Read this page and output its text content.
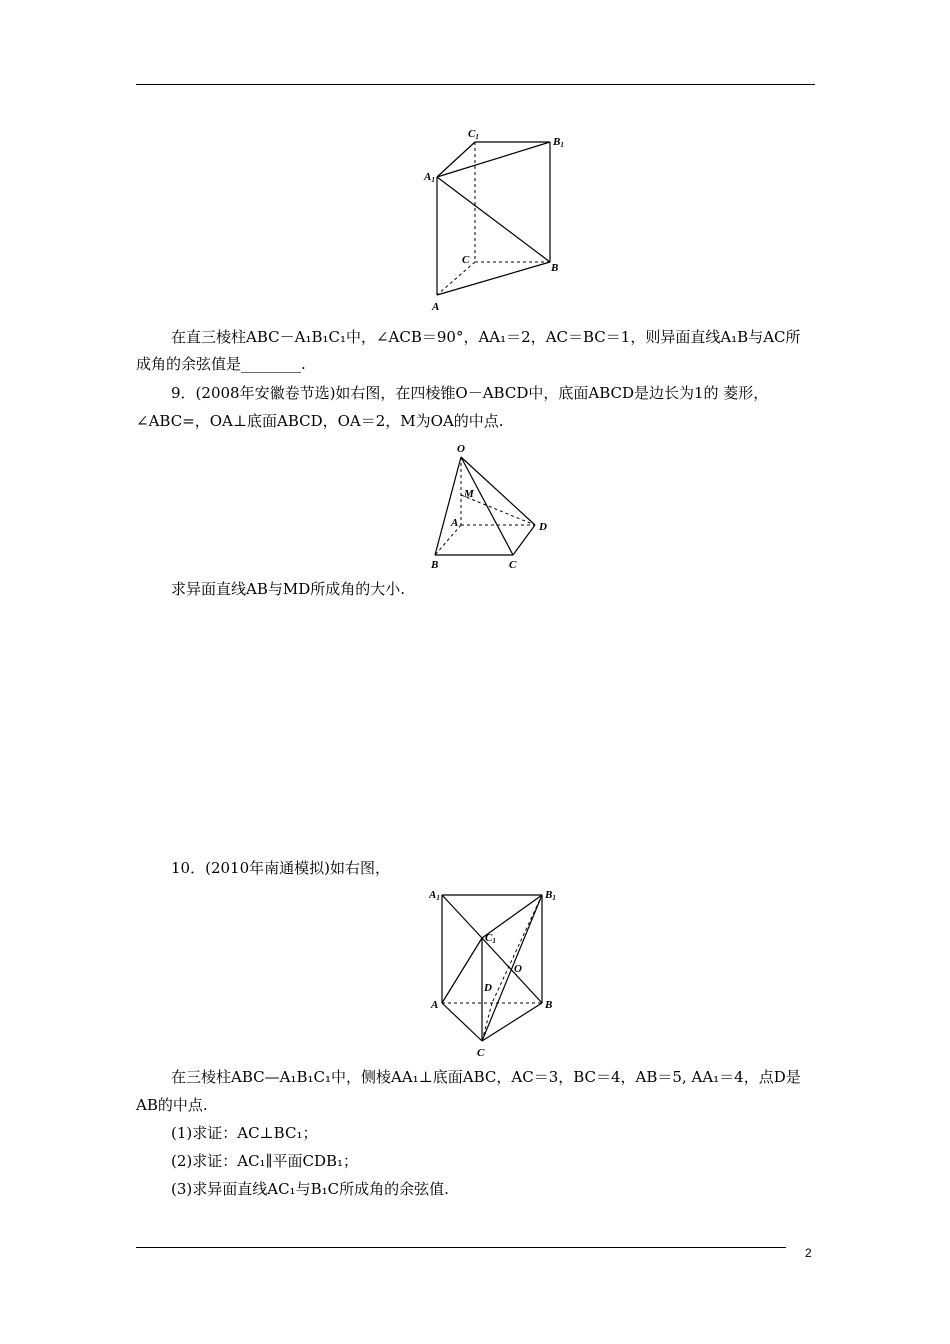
C1	B1
A1
C
B
A
在直三棱柱ABC－A₁B₁C₁中，∠ACB＝90°，AA₁＝2，AC＝BC＝1，则异面直线A₁B与AC所
成角的余弦值是________.
9．(2008年安徽卷节选)如右图，在四棱锥O－ABCD中，底面ABCD是边长为1的 菱形，
∠ABC=，OA⊥底面ABCD，OA＝2，M为OA的中点.
O
M
A	D
B	C
求异面直线AB与MD所成角的大小.
10．(2010年南通模拟)如右图，
A1	B1
C1
O
D
A	B
C
在三棱柱ABC—A₁B₁C₁中，侧棱AA₁⊥底面ABC，AC＝3，BC＝4，AB＝5, AA₁＝4，点D是
AB的中点.
(1)求证：AC⊥BC₁；
(2)求证：AC₁∥平面CDB₁；
(3)求异面直线AC₁与B₁C所成角的余弦值.
2
